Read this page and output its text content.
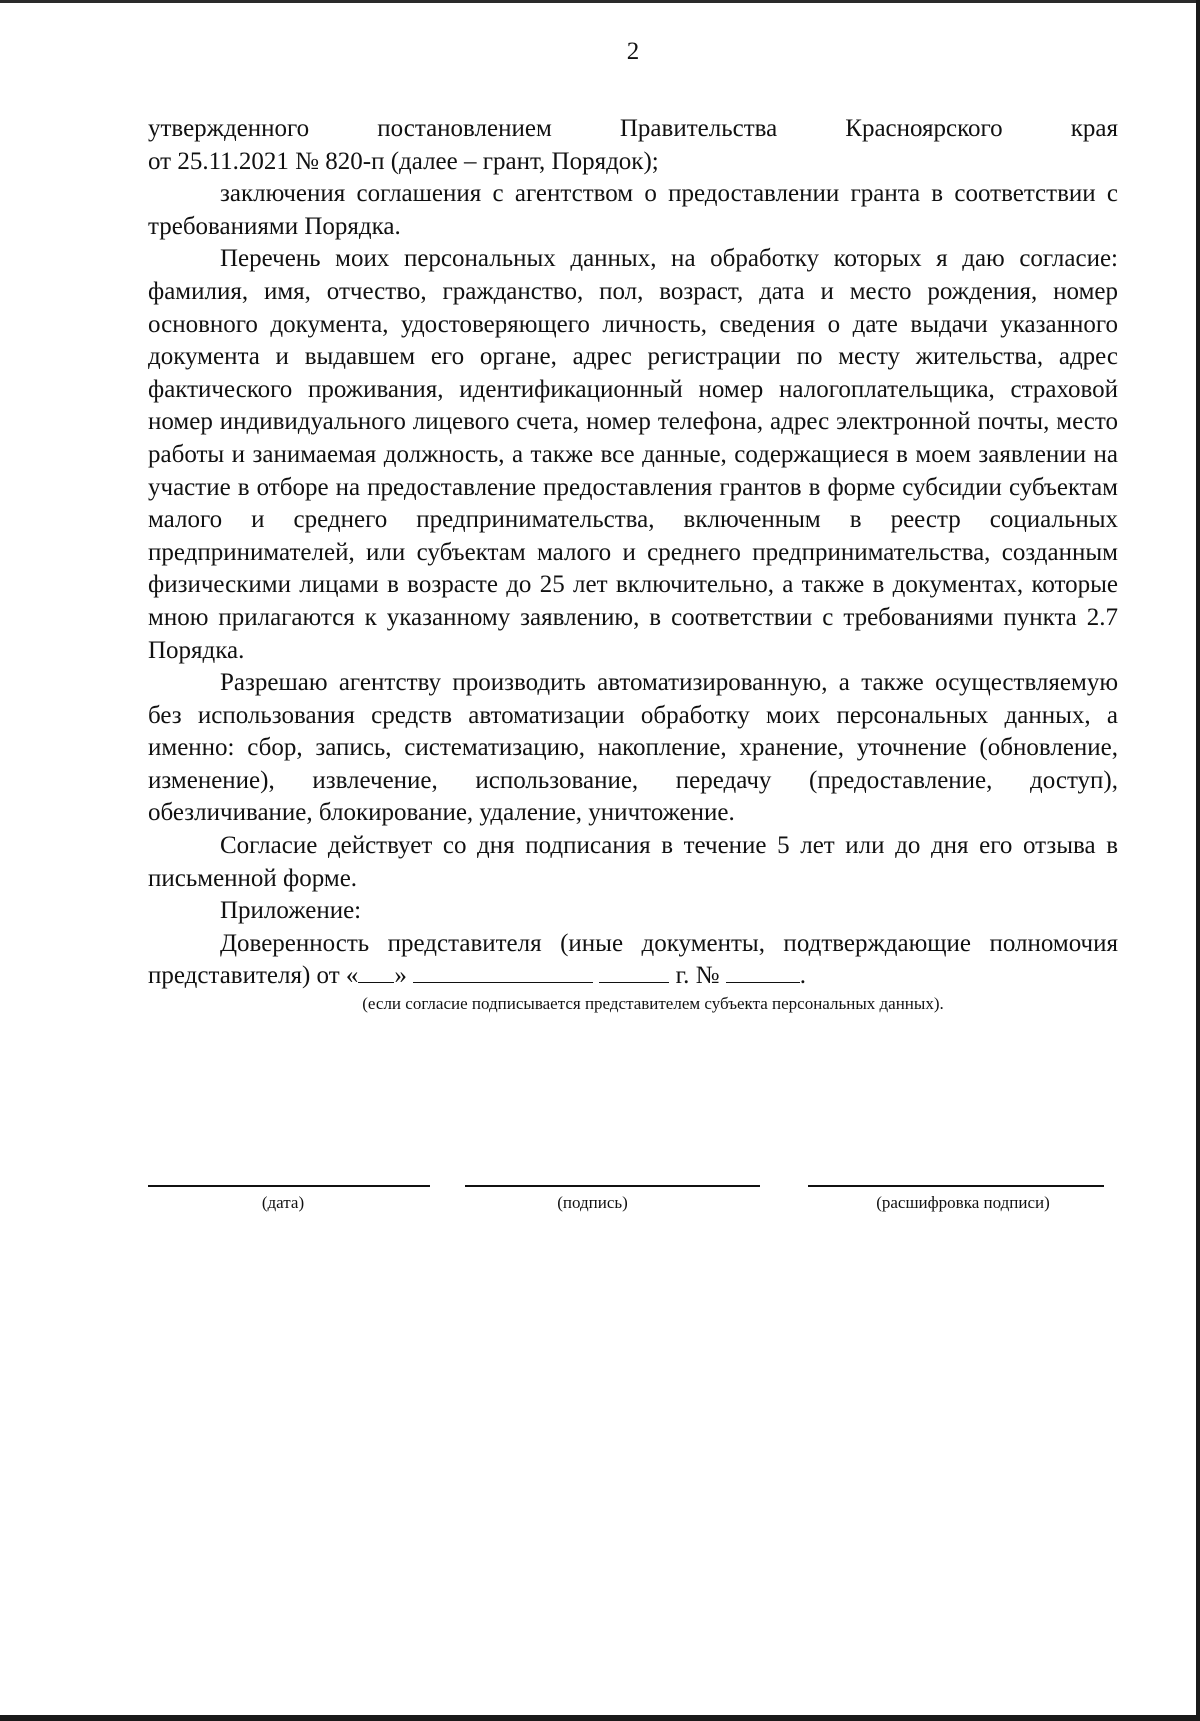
2

утвержденного	постановлением	Правительства	Красноярского	края

от 25.11.2021 № 820-п (далее – грант, Порядок);

заключения соглашения с агентством о предоставлении гранта в соответствии с требованиями Порядка.

Перечень моих персональных данных, на обработку которых я даю согласие: фамилия, имя, отчество, гражданство, пол, возраст, дата и место рождения, номер основного документа, удостоверяющего личность, сведения о дате выдачи указанного документа и выдавшем его органе, адрес регистрации по месту жительства, адрес фактического проживания, идентификационный номер налогоплательщика, страховой номер индивидуального лицевого счета, номер телефона, адрес электронной почты, место работы и занимаемая должность, а также все данные, содержащиеся в моем заявлении на участие в отборе на предоставление предоставления грантов в форме субсидии субъектам малого и среднего предпринимательства, включенным в реестр социальных предпринимателей, или субъектам малого и среднего предпринимательства, созданным физическими лицами в возрасте до 25 лет включительно, а также в документах, которые мною прилагаются к указанному заявлению, в соответствии с требованиями пункта 2.7 Порядка.

Разрешаю агентству производить автоматизированную, а также осуществляемую без использования средств автоматизации обработку моих персональных данных, а именно: сбор, запись, систематизацию, накопление, хранение, уточнение (обновление, изменение), извлечение, использование, передачу (предоставление, доступ), обезличивание, блокирование, удаление, уничтожение.

Согласие действует со дня подписания в течение 5 лет или до дня его отзыва в письменной форме.

Приложение:

Доверенность представителя (иные документы, подтверждающие полномочия представителя) от « »	г. №	.

(если согласие подписывается представителем субъекта персональных данных).

(дата)	(подпись)	(расшифровка подписи)
